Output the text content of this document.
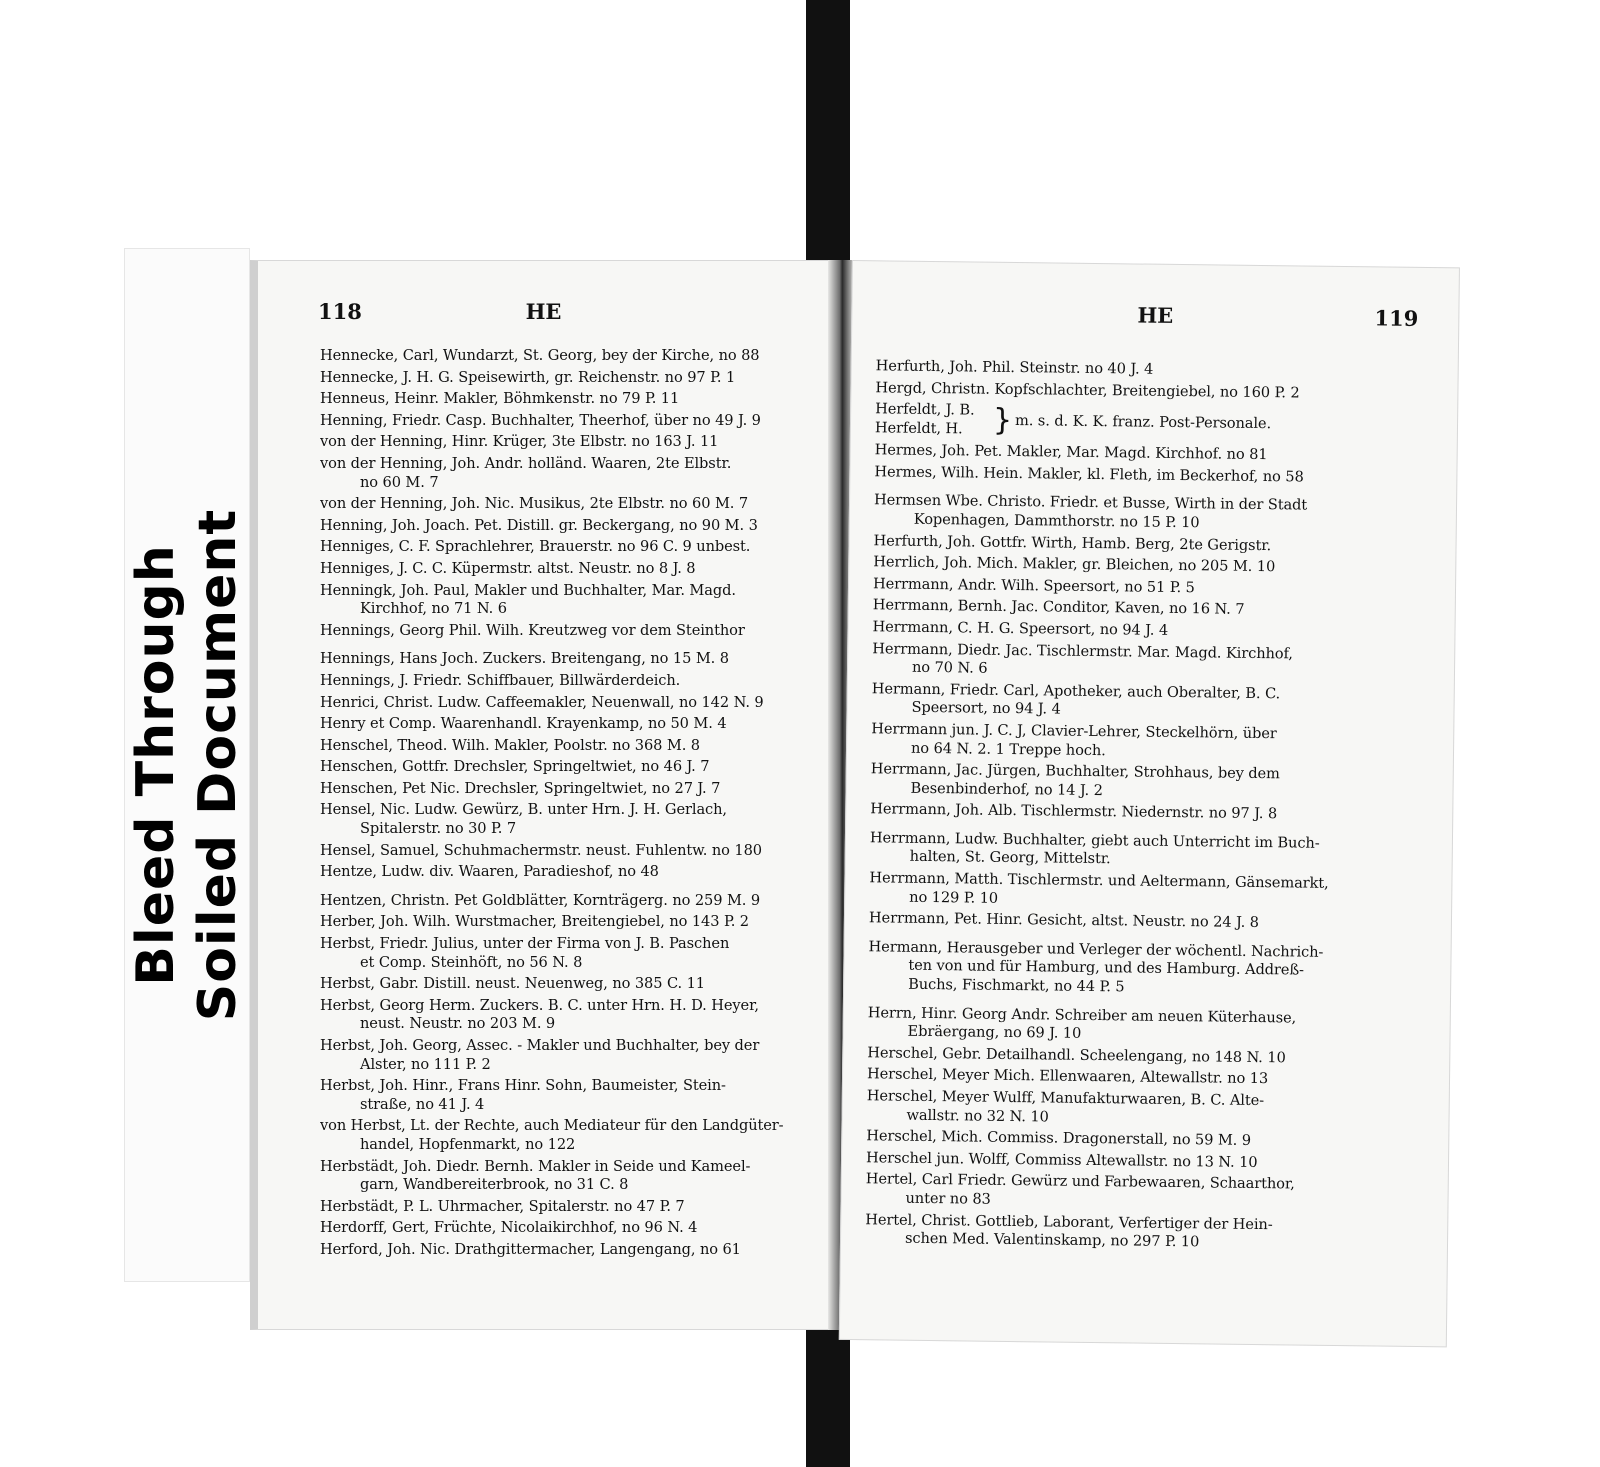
Bleed Through Soiled Document
118	HE
Hennecke, Carl, Wundarzt, St. Georg, bey der Kirche, no 88
Hennecke, J. H. G. Speisewirth, gr. Reichenstr. no 97 P. 1
Henneus, Heinr. Makler, Böhmkenstr. no 79 P. 11
Henning, Friedr. Casp. Buchhalter, Theerhof, über no 49 J. 9
von der Henning, Hinr. Krüger, 3te Elbstr. no 163 J. 11
von der Henning, Joh. Andr. holländ. Waaren, 2te Elbstr.
no 60 M. 7
von der Henning, Joh. Nic. Musikus, 2te Elbstr. no 60 M. 7
Henning, Joh. Joach. Pet. Distill. gr. Beckergang, no 90 M. 3
Henniges, C. F. Sprachlehrer, Brauerstr. no 96 C. 9 unbest.
Henniges, J. C. C. Küpermstr. altst. Neustr. no 8 J. 8
Henningk, Joh. Paul, Makler und Buchhalter, Mar. Magd.
Kirchhof, no 71 N. 6
Hennings, Georg Phil. Wilh. Kreutzweg vor dem Steinthor
Hennings, Hans Joch. Zuckers. Breitengang, no 15 M. 8
Hennings, J. Friedr. Schiffbauer, Billwärderdeich.
Henrici, Christ. Ludw. Caffeemakler, Neuenwall, no 142 N. 9
Henry et Comp. Waarenhandl. Krayenkamp, no 50 M. 4
Henschel, Theod. Wilh. Makler, Poolstr. no 368 M. 8
Henschen, Gottfr. Drechsler, Springeltwiet, no 46 J. 7
Henschen, Pet Nic. Drechsler, Springeltwiet, no 27 J. 7
Hensel, Nic. Ludw. Gewürz, B. unter Hrn. J. H. Gerlach,
Spitalerstr. no 30 P. 7
Hensel, Samuel, Schuhmachermstr. neust. Fuhlentw. no 180
Hentze, Ludw. div. Waaren, Paradieshof, no 48
Hentzen, Christn. Pet Goldblätter, Kornträgerg. no 259 M. 9
Herber, Joh. Wilh. Wurstmacher, Breitengiebel, no 143 P. 2
Herbst, Friedr. Julius, unter der Firma von J. B. Paschen
et Comp. Steinhöft, no 56 N. 8
Herbst, Gabr. Distill. neust. Neuenweg, no 385 C. 11
Herbst, Georg Herm. Zuckers. B. C. unter Hrn. H. D. Heyer,
neust. Neustr. no 203 M. 9
Herbst, Joh. Georg, Assec. - Makler und Buchhalter, bey der
Alster, no 111 P. 2
Herbst, Joh. Hinr., Frans Hinr. Sohn, Baumeister, Stein-
straße, no 41 J. 4
von Herbst, Lt. der Rechte, auch Mediateur für den Landgüter-
handel, Hopfenmarkt, no 122
Herbstädt, Joh. Diedr. Bernh. Makler in Seide und Kameel-
garn, Wandbereiterbrook, no 31 C. 8
Herbstädt, P. L. Uhrmacher, Spitalerstr. no 47 P. 7
Herdorff, Gert, Früchte, Nicolaikirchhof, no 96 N. 4
Herford, Joh. Nic. Drathgittermacher, Langengang, no 61
HE	119
Herfurth, Joh. Phil. Steinstr. no 40 J. 4
Hergd, Christn. Kopfschlachter, Breitengiebel, no 160 P. 2
Herfeldt, J. B.
Herfeldt, H. } m. s. d. K. K. franz. Post-Personale.
Hermes, Joh. Pet. Makler, Mar. Magd. Kirchhof. no 81
Hermes, Wilh. Hein. Makler, kl. Fleth, im Beckerhof, no 58
Hermsen Wbe. Christo. Friedr. et Busse, Wirth in der Stadt
Kopenhagen, Dammthorstr. no 15 P. 10
Herfurth, Joh. Gottfr. Wirth, Hamb. Berg, 2te Gerigstr.
Herrlich, Joh. Mich. Makler, gr. Bleichen, no 205 M. 10
Herrmann, Andr. Wilh. Speersort, no 51 P. 5
Herrmann, Bernh. Jac. Conditor, Kaven, no 16 N. 7
Herrmann, C. H. G. Speersort, no 94 J. 4
Herrmann, Diedr. Jac. Tischlermstr. Mar. Magd. Kirchhof,
no 70 N. 6
Hermann, Friedr. Carl, Apotheker, auch Oberalter, B. C.
Speersort, no 94 J. 4
Herrmann jun. J. C. J, Clavier-Lehrer, Steckelhörn, über
no 64 N. 2. 1 Treppe hoch.
Herrmann, Jac. Jürgen, Buchhalter, Strohhaus, bey dem
Besenbinderhof, no 14 J. 2
Herrmann, Joh. Alb. Tischlermstr. Niedernstr. no 97 J. 8
Herrmann, Ludw. Buchhalter, giebt auch Unterricht im Buch-
halten, St. Georg, Mittelstr.
Herrmann, Matth. Tischlermstr. und Aeltermann, Gänsemarkt,
no 129 P. 10
Herrmann, Pet. Hinr. Gesicht, altst. Neustr. no 24 J. 8
Hermann, Herausgeber und Verleger der wöchentl. Nachrich-
ten von und für Hamburg, und des Hamburg. Addreß-
Buchs, Fischmarkt, no 44 P. 5
Herrn, Hinr. Georg Andr. Schreiber am neuen Küterhause,
Ebräergang, no 69 J. 10
Herschel, Gebr. Detailhandl. Scheelengang, no 148 N. 10
Herschel, Meyer Mich. Ellenwaaren, Altewallstr. no 13
Herschel, Meyer Wulff, Manufakturwaaren, B. C. Alte-
wallstr. no 32 N. 10
Herschel, Mich. Commiss. Dragonerstall, no 59 M. 9
Herschel jun. Wolff, Commiss Altewallstr. no 13 N. 10
Hertel, Carl Friedr. Gewürz und Farbewaaren, Schaarthor,
unter no 83
Hertel, Christ. Gottlieb, Laborant, Verfertiger der Hein-
schen Med. Valentinskamp, no 297 P. 10
